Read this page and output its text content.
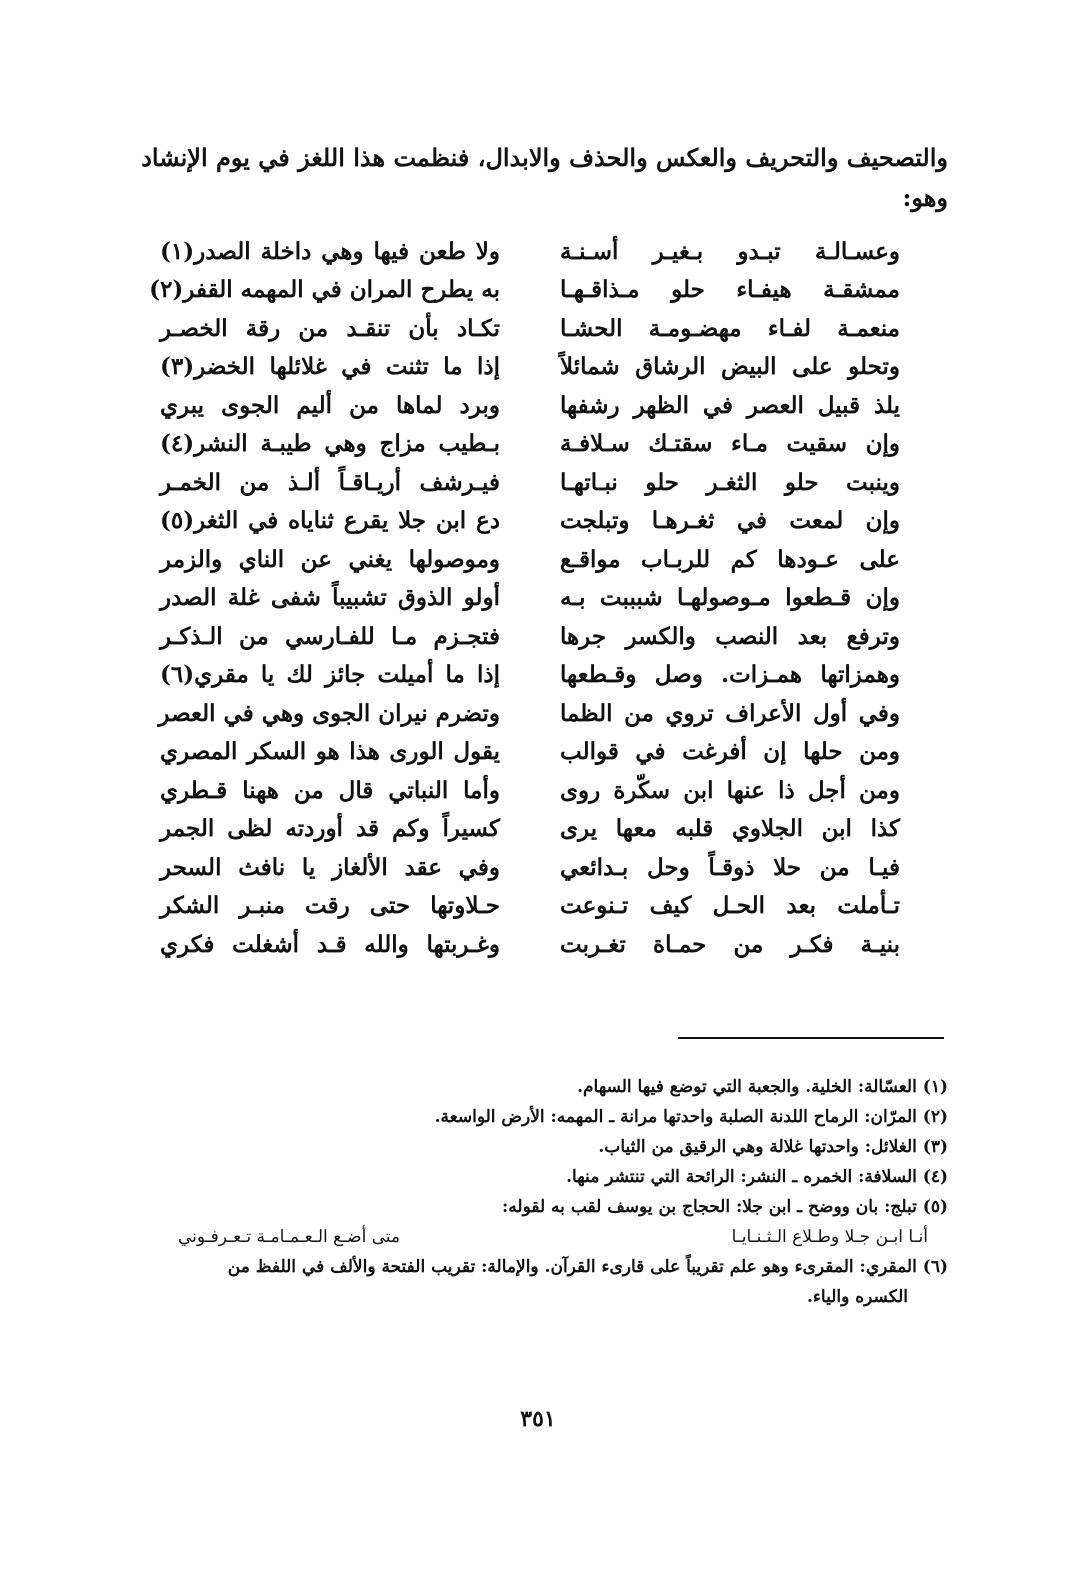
والتصحيف والتحريف والعكس والحذف والابدال، فنظمت هذا اللغز في يوم الإنشاد
وهو:
وعسـالـة تبـدو بـغيـر أسـنـة
ولا طعن فيها وهي داخلة الصدر(١)
ممشقـة هيفـاء حلو مـذاقـهـا
به يطرح المران في المهمه القفر(٢)
منعمـة لفـاء مهضـومـة الحشـا
تكـاد بأن تنقـد من رقة الخصـر
وتحلو على البيض الرشاق شمائلاً
إذا ما تثنت في غلائلها الخضر(٣)
يلذ قبيل العصر في الظهر رشفها
وبرد لماها من أليم الجوى يبري
وإن سقيت مـاء سقتـك سـلافـة
بـطيب مزاج وهي طيبـة النشر(٤)
وينبت حلو الثغـر حلو نبـاتهـا
فيـرشف أريـاقـاً ألـذ من الخمـر
وإن لمعت في ثغـرهـا وتبلجت
دع ابن جلا يقرع ثناياه في الثغر(٥)
على عـودها كم للربـاب مواقـع
وموصولها يغني عن الناي والزمر
وإن قـطعوا مـوصولهـا شبببت بـه
أولو الذوق تشبيباً شفى غلة الصدر
وترفع بعد النصب والكسر جرها
فتجـزم مـا للفـارسي من الـذكـر
وهمزاتها همـزات. وصل وقـطعها
إذا ما أميلت جائز لك يا مقري(٦)
وفي أول الأعراف تروي من الظما
وتضرم نيران الجوى وهي في العصر
ومن حلها إن أفرغت في قوالب
يقول الورى هذا هو السكر المصري
ومن أجل ذا عنها ابن سكّرة روى
وأما النباتي قال من ههنا قـطري
كذا ابن الجلاوي قلبه معها يرى
كسيراً وكم قد أوردته لظى الجمر
فيـا من حلا ذوقـاً وحل بـدائعي
وفي عقد الألغاز يا نافث السحر
تـأملت بعد الحـل كيف تـنوعت
حـلاوتها حتى رقت منبـر الشكر
بنيـة فكـر من حمـاة تغـربت
وغـربتها والله قـد أشغلت فكري
(١) العسّالة: الخلية. والجعبة التي توضع فيها السهام.
(٢) المرّان: الرماح اللدنة الصلبة واحدتها مرانة ـ المهمه: الأرض الواسعة.
(٣) الغلائل: واحدتها غلالة وهي الرقيق من الثياب.
(٤) السلافة: الخمره ـ النشر: الرائحة التي تنتشر منها.
(٥) تبلج: بان ووضح ـ ابن جلا: الحجاج بن يوسف لقب به لقوله:
أنـا ابـن جـلا وطـلاع الـثـنـايـا
متى أضـع الـعـمـامـة تـعـرفـوني
(٦) المقري: المقرىء وهو علم تقريباً على قارىء القرآن. والإمالة: تقريب الفتحة والألف في اللفظ من
الكسره والياء.
٣٥١
